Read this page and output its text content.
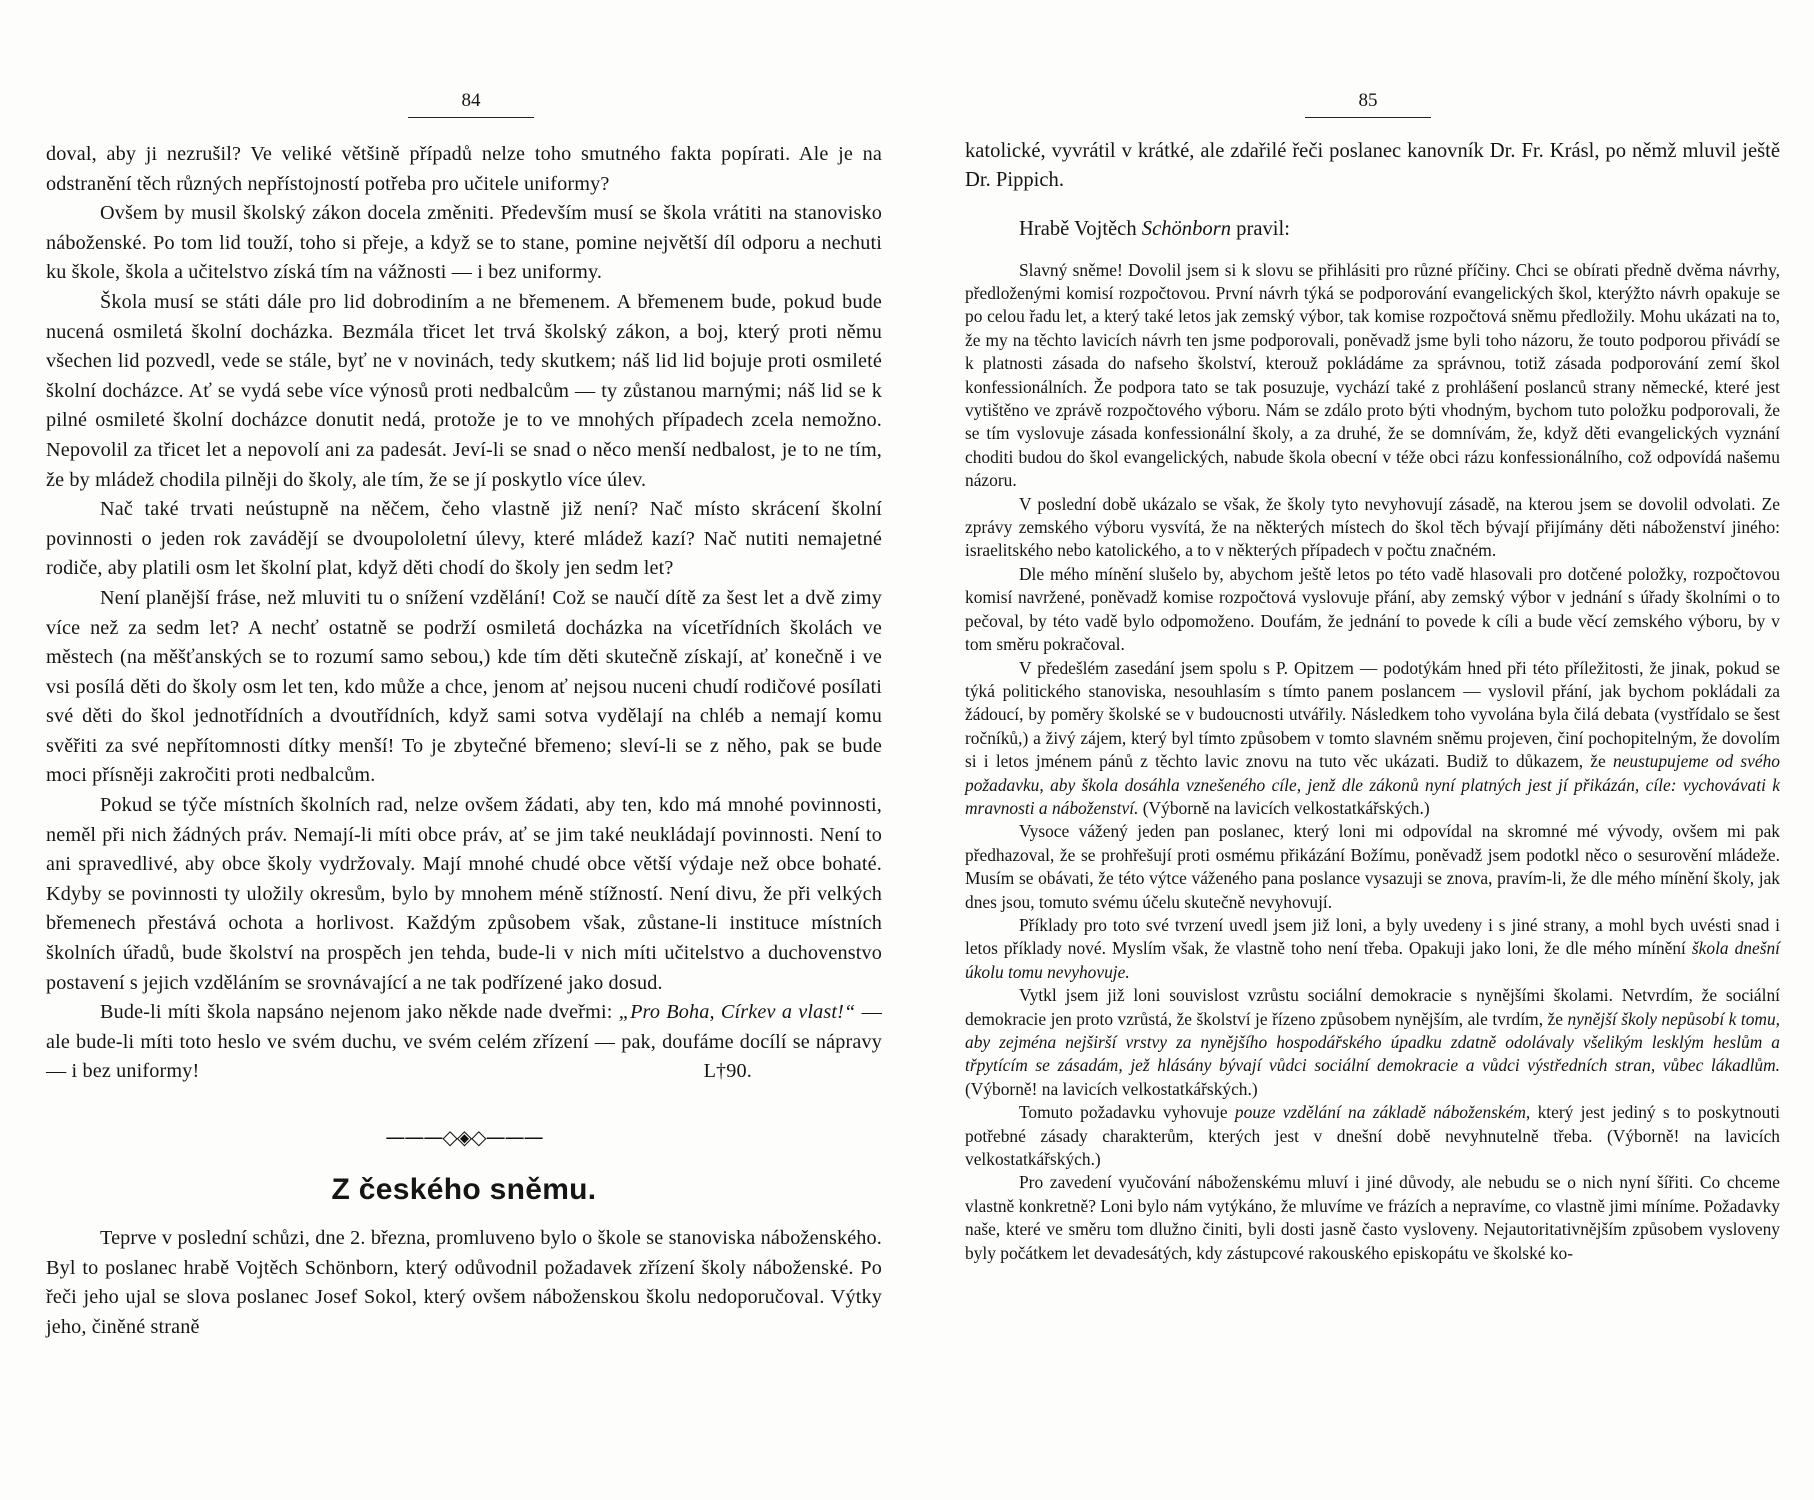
84

doval, aby ji nezrušil? Ve veliké většině případů nelze toho smutného fakta popírati. Ale je na odstranění těch různých nepřístojností potřeba pro učitele uniformy?

Ovšem by musil školský zákon docela změniti. Především musí se škola vrátiti na stanovisko náboženské. Po tom lid touží, toho si přeje, a když se to stane, pomine největší díl odporu a nechuti ku škole, škola a učitelstvo získá tím na vážnosti — i bez uniformy.

Škola musí se státi dále pro lid dobrodiním a ne břemenem. A břemenem bude, pokud bude nucená osmiletá školní docházka. Bezmála třicet let trvá školský zákon, a boj, který proti němu všechen lid pozvedl, vede se stále, byť ne v novinách, tedy skutkem; náš lid lid bojuje proti osmileté školní docházce. Ať se vydá sebe více výnosů proti nedbalcům — ty zůstanou marnými; náš lid se k pilné osmileté školní docházce donutit nedá, protože je to ve mnohých případech zcela nemožno. Nepovolil za třicet let a nepovolí ani za padesát. Jeví-li se snad o něco menší nedbalost, je to ne tím, že by mládež chodila pilněji do školy, ale tím, že se jí poskytlo více úlev.

Nač také trvati neústupně na něčem, čeho vlastně již není? Nač místo skrácení školní povinnosti o jeden rok zavádějí se dvoupololetní úlevy, které mládež kazí? Nač nutiti nemajetné rodiče, aby platili osm let školní plat, když děti chodí do školy jen sedm let?

Není planější fráse, než mluviti tu o snížení vzdělání! Což se naučí dítě za šest let a dvě zimy více než za sedm let? A nechť ostatně se podrží osmiletá docházka na vícetřídních školách ve městech (na měšťanských se to rozumí samo sebou,) kde tím děti skutečně získají, ať konečně i ve vsi posílá děti do školy osm let ten, kdo může a chce, jenom ať nejsou nuceni chudí rodičové posílati své děti do škol jednotřídních a dvoutřídních, když sami sotva vydělají na chléb a nemají komu svěřiti za své nepřítomnosti dítky menší! To je zbytečné břemeno; sleví-li se z něho, pak se bude moci přísněji zakročiti proti nedbalcům.

Pokud se týče místních školních rad, nelze ovšem žádati, aby ten, kdo má mnohé povinnosti, neměl při nich žádných práv. Nemají-li míti obce práv, ať se jim také neukládají povinnosti. Není to ani spravedlivé, aby obce školy vydržovaly. Mají mnohé chudé obce větší výdaje než obce bohaté. Kdyby se povinnosti ty uložily okresům, bylo by mnohem méně stížností. Není divu, že při velkých břemenech přestává ochota a horlivost. Každým způsobem však, zůstane-li instituce místních školních úřadů, bude školství na prospěch jen tehda, bude-li v nich míti učitelstvo a duchovenstvo postavení s jejich vzděláním se srovnávající a ne tak podřízené jako dosud.

Bude-li míti škola napsáno nejenom jako někde nade dveřmi: „Pro Boha, Církev a vlast!“ — ale bude-li míti toto heslo ve svém duchu, ve svém celém zřízení — pak, doufáme docílí se nápravy — i bez uniformy!	L†90.

———◇◈◇———
Z českého sněmu.

Teprve v poslední schůzi, dne 2. března, promluveno bylo o škole se stanoviska náboženského. Byl to poslanec hrabě Vojtěch Schönborn, který odůvodnil požadavek zřízení školy náboženské. Po řeči jeho ujal se slova poslanec Josef Sokol, který ovšem náboženskou školu nedoporučoval. Výtky jeho, činěné straně

85

katolické, vyvrátil v krátké, ale zdařilé řeči poslanec kanovník Dr. Fr. Krásl, po němž mluvil ještě Dr. Pippich.

Hrabě Vojtěch Schönborn pravil:

Slavný sněme! Dovolil jsem si k slovu se přihlásiti pro různé příčiny. Chci se obírati předně dvěma návrhy, předloženými komisí rozpočtovou. První návrh týká se podporování evangelických škol, kterýžto návrh opakuje se po celou řadu let, a který také letos jak zemský výbor, tak komise rozpočtová sněmu předložily. Mohu ukázati na to, že my na těchto lavicích návrh ten jsme podporovali, poněvadž jsme byli toho názoru, že touto podporou přivádí se k platnosti zásada do nafseho školství, kterouž pokládáme za správnou, totiž zásada podporování zemí škol konfessionálních. Že podpora tato se tak posuzuje, vychází také z prohlášení poslanců strany německé, které jest vytištěno ve zprávě rozpočtového výboru. Nám se zdálo proto býti vhodným, bychom tuto položku podporovali, že se tím vyslovuje zásada konfessionální školy, a za druhé, že se domnívám, že, když děti evangelických vyznání choditi budou do škol evangelických, nabude škola obecní v téže obci rázu konfessionálního, což odpovídá našemu názoru.

V poslední době ukázalo se však, že školy tyto nevyhovují zásadě, na kterou jsem se dovolil odvolati. Ze zprávy zemského výboru vysvítá, že na některých místech do škol těch bývají přijímány děti náboženství jiného: israelitského nebo katolického, a to v některých případech v počtu značném.

Dle mého mínění slušelo by, abychom ještě letos po této vadě hlasovali pro dotčené položky, rozpočtovou komisí navržené, poněvadž komise rozpočtová vyslovuje přání, aby zemský výbor v jednání s úřady školními o to pečoval, by této vadě bylo odpomoženo. Doufám, že jednání to povede k cíli a bude věcí zemského výboru, by v tom směru pokračoval.

V předešlém zasedání jsem spolu s P. Opitzem — podotýkám hned při této příležitosti, že jinak, pokud se týká politického stanoviska, nesouhlasím s tímto panem poslancem — vyslovil přání, jak bychom pokládali za žádoucí, by poměry školské se v budoucnosti utvářily. Následkem toho vyvolána byla čilá debata (vystřídalo se šest ročníků,) a živý zájem, který byl tímto způsobem v tomto slavném sněmu projeven, činí pochopitelným, že dovolím si i letos jménem pánů z těchto lavic znovu na tuto věc ukázati. Budiž to důkazem, že neustupujeme od svého požadavku, aby škola dosáhla vznešeného cíle, jenž dle zákonů nyní platných jest jí přikázán, cíle: vychovávati k mravnosti a náboženství. (Výborně na lavicích velkostatkářských.)

Vysoce vážený jeden pan poslanec, který loni mi odpovídal na skromné mé vývody, ovšem mi pak předhazoval, že se prohřešují proti osmému přikázání Božímu, poněvadž jsem podotkl něco o sesurovění mládeže. Musím se obávati, že této výtce váženého pana poslance vysazuji se znova, pravím-li, že dle mého mínění školy, jak dnes jsou, tomuto svému účelu skutečně nevyhovují.

Příklady pro toto své tvrzení uvedl jsem již loni, a byly uvedeny i s jiné strany, a mohl bych uvésti snad i letos příklady nové. Myslím však, že vlastně toho není třeba. Opakuji jako loni, že dle mého mínění škola dnešní úkolu tomu nevyhovuje.

Vytkl jsem již loni souvislost vzrůstu sociální demokracie s nynějšími školami. Netvrdím, že sociální demokracie jen proto vzrůstá, že školství je řízeno způsobem nynějším, ale tvrdím, že nynější školy nepůsobí k tomu, aby zejména nejširší vrstvy za nynějšího hospodářského úpadku zdatně odolávaly všelikým lesklým heslům a třpytícím se zásadám, jež hlásány bývají vůdci sociální demokracie a vůdci výstředních stran, vůbec lákadlům. (Výborně! na lavicích velkostatkářských.)

Tomuto požadavku vyhovuje pouze vzdělání na základě náboženském, který jest jediný s to poskytnouti potřebné zásady charakterům, kterých jest v dnešní době nevyhnutelně třeba. (Výborně! na lavicích velkostatkářských.)

Pro zavedení vyučování náboženskému mluví i jiné důvody, ale nebudu se o nich nyní šířiti. Co chceme vlastně konkretně? Loni bylo nám vytýkáno, že mluvíme ve frázích a nepravíme, co vlastně jimi míníme. Požadavky naše, které ve směru tom dlužno činiti, byli dosti jasně často vysloveny. Nejautoritativnějším způsobem vysloveny byly počátkem let devadesátých, kdy zástupcové rakouského episkopátu ve školské ko-
